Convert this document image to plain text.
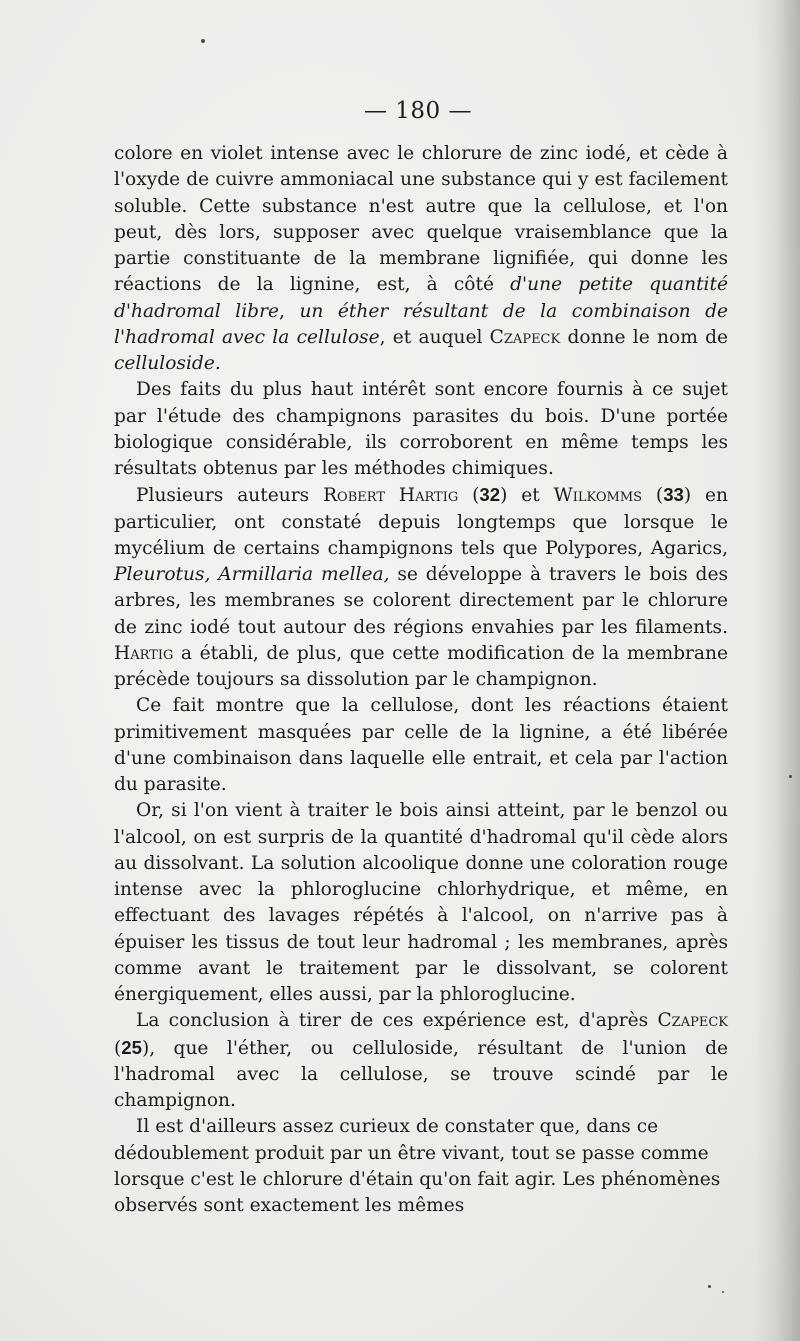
— 180 —

colore en violet intense avec le chlorure de zinc iodé, et cède à l'oxyde de cuivre ammoniacal une substance qui y est facilement soluble. Cette substance n'est autre que la cellulose, et l'on peut, dès lors, supposer avec quelque vraisemblance que la partie constituante de la membrane lignifiée, qui donne les réactions de la lignine, est, à côté d'une petite quantité d'hadromal libre, un éther résultant de la combinaison de l'hadromal avec la cellulose, et auquel Czapeck donne le nom de celluloside.

Des faits du plus haut intérêt sont encore fournis à ce sujet par l'étude des champignons parasites du bois. D'une portée biologique considérable, ils corroborent en même temps les résultats obtenus par les méthodes chimiques.

Plusieurs auteurs Robert Hartig (32) et Wilkomms (33) en particulier, ont constaté depuis longtemps que lorsque le mycélium de certains champignons tels que Polypores, Agarics, Pleurotus, Armillaria mellea, se développe à travers le bois des arbres, les membranes se colorent directement par le chlorure de zinc iodé tout autour des régions envahies par les filaments. Hartig a établi, de plus, que cette modification de la membrane précède toujours sa dissolution par le champignon.

Ce fait montre que la cellulose, dont les réactions étaient primitivement masquées par celle de la lignine, a été libérée d'une combinaison dans laquelle elle entrait, et cela par l'action du parasite.

Or, si l'on vient à traiter le bois ainsi atteint, par le benzol ou l'alcool, on est surpris de la quantité d'hadromal qu'il cède alors au dissolvant. La solution alcoolique donne une coloration rouge intense avec la phloroglucine chlorhydrique, et même, en effectuant des lavages répétés à l'alcool, on n'arrive pas à épuiser les tissus de tout leur hadromal ; les membranes, après comme avant le traitement par le dissolvant, se colorent énergiquement, elles aussi, par la phloroglucine.

La conclusion à tirer de ces expérience est, d'après Czapeck (25), que l'éther, ou celluloside, résultant de l'union de l'hadromal avec la cellulose, se trouve scindé par le champignon.

Il est d'ailleurs assez curieux de constater que, dans ce dédoublement produit par un être vivant, tout se passe comme lorsque c'est le chlorure d'étain qu'on fait agir. Les phénomènes observés sont exactement les mêmes
